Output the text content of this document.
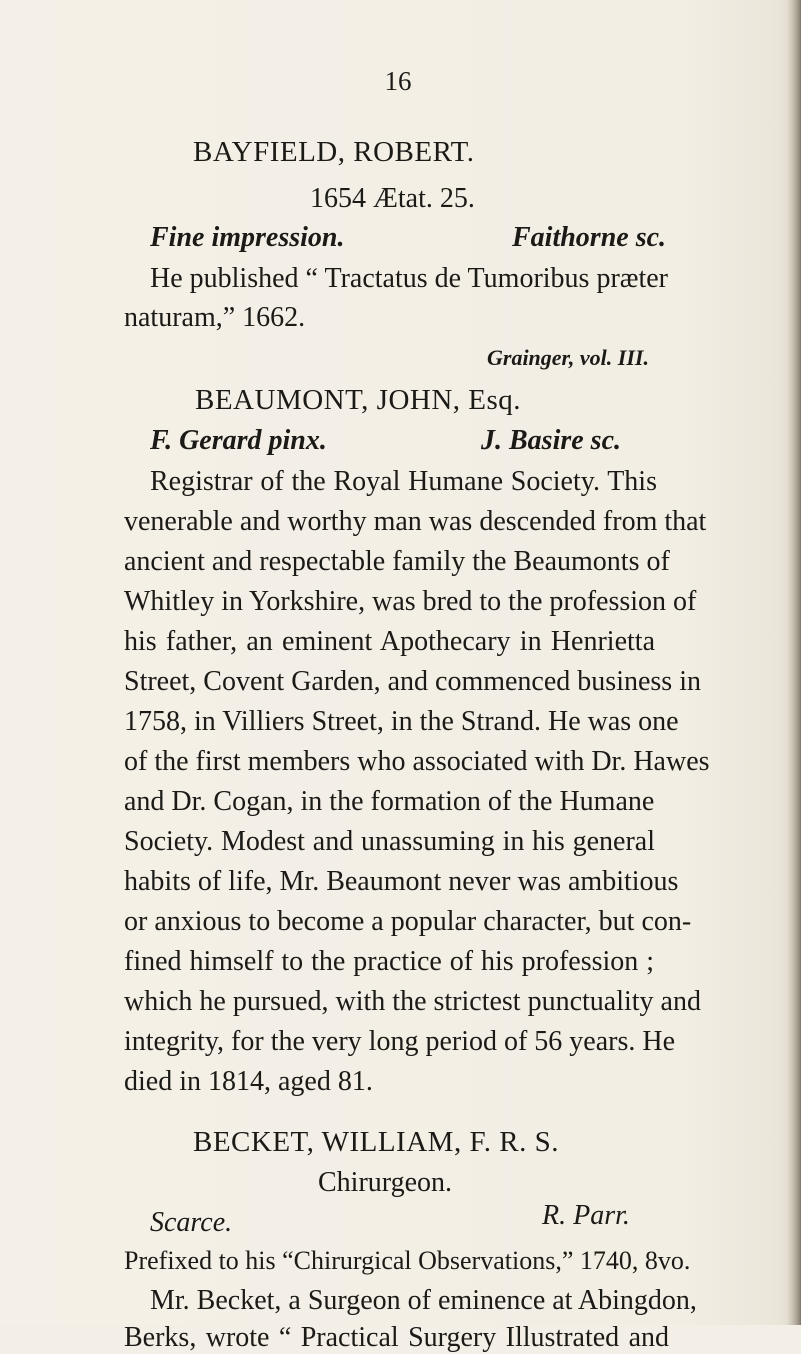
16
BAYFIELD, ROBERT.
1654 Ætat. 25.
Fine impression.	Faithorne sc.
He published “ Tractatus de Tumoribus præter
naturam,” 1662.
Grainger, vol. III.
BEAUMONT, JOHN, Esq.
F. Gerard pinx.	J. Basire sc.
Registrar of the Royal Humane Society. This
venerable and worthy man was descended from that
ancient and respectable family the Beaumonts of
Whitley in Yorkshire, was bred to the profession of
his father, an eminent Apothecary in Henrietta
Street, Covent Garden, and commenced business in
1758, in Villiers Street, in the Strand. He was one
of the first members who associated with Dr. Hawes
and Dr. Cogan, in the formation of the Humane
Society. Modest and unassuming in his general
habits of life, Mr. Beaumont never was ambitious
or anxious to become a popular character, but con-
fined himself to the practice of his profession ;
which he pursued, with the strictest punctuality and
integrity, for the very long period of 56 years. He
died in 1814, aged 81.
BECKET, WILLIAM, F. R. S.
Chirurgeon.
Scarce.	R. Parr.
Prefixed to his “Chirurgical Observations,” 1740, 8vo.
Mr. Becket, a Surgeon of eminence at Abingdon,
Berks, wrote “ Practical Surgery Illustrated and
